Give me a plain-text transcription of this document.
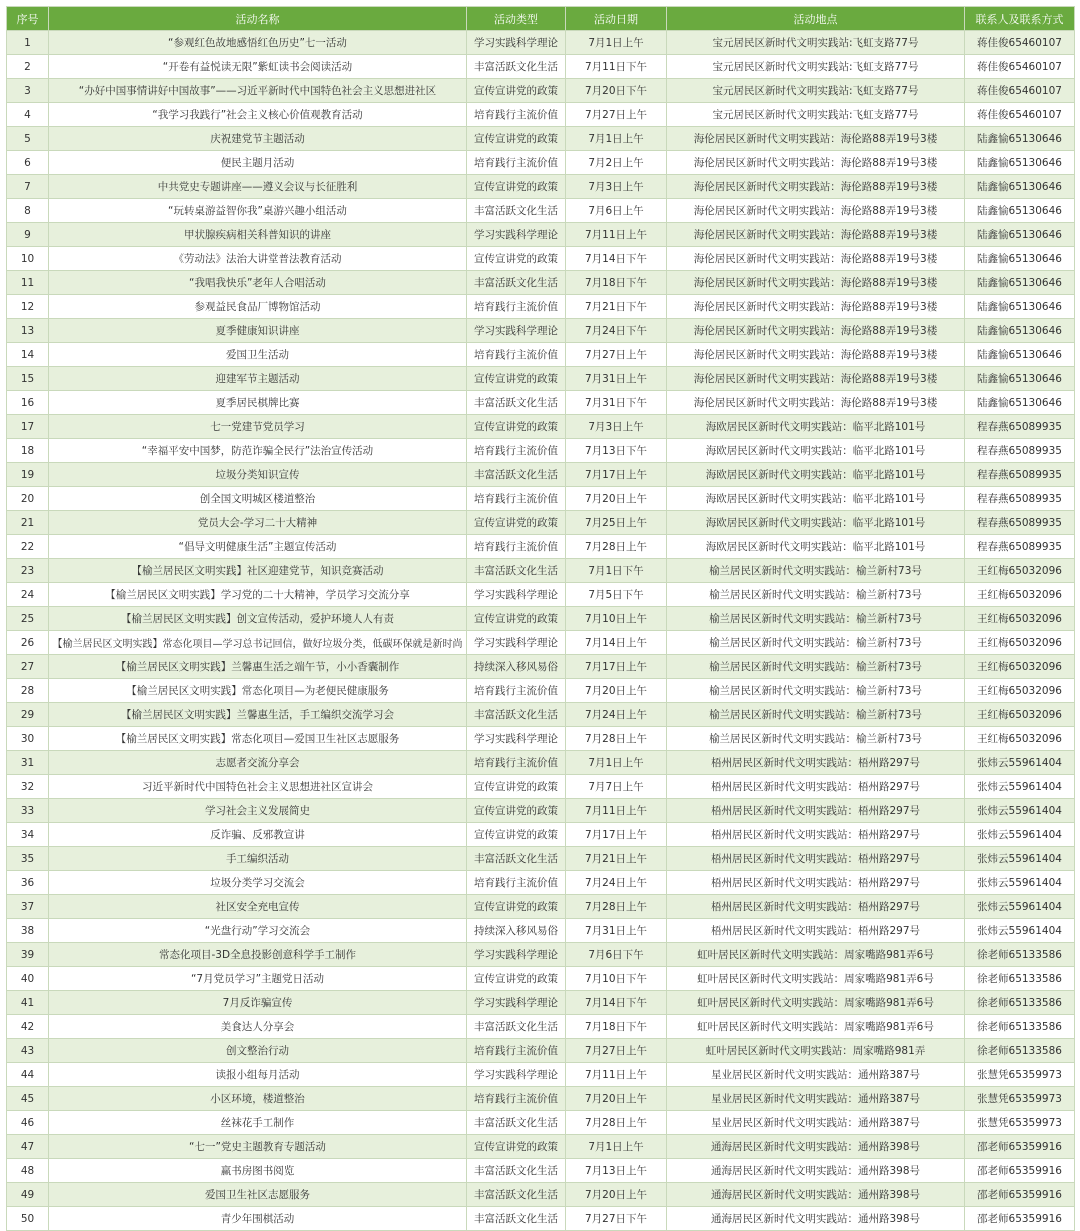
序号	活动名称	活动类型	活动日期	活动地点	联系人及联系方式
1	“参观红色故地感悟红色历史”七一活动	学习实践科学理论	7月1日上午	宝元居民区新时代文明实践站:飞虹支路77号	蒋佳俊65460107
2	“开卷有益悦读无限”紫虹读书会阅读活动	丰富活跃文化生活	7月11日下午	宝元居民区新时代文明实践站:飞虹支路77号	蒋佳俊65460107
3	“办好中国事情讲好中国故事”——习近平新时代中国特色社会主义思想进社区	宣传宣讲党的政策	7月20日下午	宝元居民区新时代文明实践站:飞虹支路77号	蒋佳俊65460107
4	“我学习我践行”社会主义核心价值观教育活动	培育践行主流价值	7月27日上午	宝元居民区新时代文明实践站:飞虹支路77号	蒋佳俊65460107
5	庆祝建党节主题活动	宣传宣讲党的政策	7月1日上午	海伦居民区新时代文明实践站：海伦路88弄19号3楼	陆鑫愉65130646
6	便民主题月活动	培育践行主流价值	7月2日上午	海伦居民区新时代文明实践站：海伦路88弄19号3楼	陆鑫愉65130646
7	中共党史专题讲座——遵义会议与长征胜利	宣传宣讲党的政策	7月3日上午	海伦居民区新时代文明实践站：海伦路88弄19号3楼	陆鑫愉65130646
8	“玩转桌游益智你我”桌游兴趣小组活动	丰富活跃文化生活	7月6日上午	海伦居民区新时代文明实践站：海伦路88弄19号3楼	陆鑫愉65130646
9	甲状腺疾病相关科普知识的讲座	学习实践科学理论	7月11日上午	海伦居民区新时代文明实践站：海伦路88弄19号3楼	陆鑫愉65130646
10	《劳动法》法治大讲堂普法教育活动	宣传宣讲党的政策	7月14日下午	海伦居民区新时代文明实践站：海伦路88弄19号3楼	陆鑫愉65130646
11	“我唱我快乐”老年人合唱活动	丰富活跃文化生活	7月18日下午	海伦居民区新时代文明实践站：海伦路88弄19号3楼	陆鑫愉65130646
12	参观益民食品厂博物馆活动	培育践行主流价值	7月21日下午	海伦居民区新时代文明实践站：海伦路88弄19号3楼	陆鑫愉65130646
13	夏季健康知识讲座	学习实践科学理论	7月24日下午	海伦居民区新时代文明实践站：海伦路88弄19号3楼	陆鑫愉65130646
14	爱国卫生活动	培育践行主流价值	7月27日上午	海伦居民区新时代文明实践站：海伦路88弄19号3楼	陆鑫愉65130646
15	迎建军节主题活动	宣传宣讲党的政策	7月31日上午	海伦居民区新时代文明实践站：海伦路88弄19号3楼	陆鑫愉65130646
16	夏季居民棋牌比赛	丰富活跃文化生活	7月31日下午	海伦居民区新时代文明实践站：海伦路88弄19号3楼	陆鑫愉65130646
17	七一党建节党员学习	宣传宣讲党的政策	7月3日上午	海欧居民区新时代文明实践站：临平北路101号	程春燕65089935
18	“幸福平安中国梦，防范诈骗全民行”法治宣传活动	培育践行主流价值	7月13日下午	海欧居民区新时代文明实践站：临平北路101号	程春燕65089935
19	垃圾分类知识宣传	丰富活跃文化生活	7月17日上午	海欧居民区新时代文明实践站：临平北路101号	程春燕65089935
20	创全国文明城区楼道整治	培育践行主流价值	7月20日上午	海欧居民区新时代文明实践站：临平北路101号	程春燕65089935
21	党员大会-学习二十大精神	宣传宣讲党的政策	7月25日上午	海欧居民区新时代文明实践站：临平北路101号	程春燕65089935
22	“倡导文明健康生活”主题宣传活动	培育践行主流价值	7月28日上午	海欧居民区新时代文明实践站：临平北路101号	程春燕65089935
23	【榆兰居民区文明实践】社区迎建党节，知识竞赛活动	丰富活跃文化生活	7月1日下午	榆兰居民区新时代文明实践站：榆兰新村73号	王红梅65032096
24	【榆兰居民区文明实践】学习党的二十大精神，学员学习交流分享	学习实践科学理论	7月5日下午	榆兰居民区新时代文明实践站：榆兰新村73号	王红梅65032096
25	【榆兰居民区文明实践】创文宣传活动，爱护环境人人有责	宣传宣讲党的政策	7月10日上午	榆兰居民区新时代文明实践站：榆兰新村73号	王红梅65032096
26	【榆兰居民区文明实践】常态化项目—学习总书记回信，做好垃圾分类，低碳环保就是新时尚	学习实践科学理论	7月14日上午	榆兰居民区新时代文明实践站：榆兰新村73号	王红梅65032096
27	【榆兰居民区文明实践】兰馨惠生活之端午节，小小香囊制作	持续深入移风易俗	7月17日上午	榆兰居民区新时代文明实践站：榆兰新村73号	王红梅65032096
28	【榆兰居民区文明实践】常态化项目—为老便民健康服务	培育践行主流价值	7月20日上午	榆兰居民区新时代文明实践站：榆兰新村73号	王红梅65032096
29	【榆兰居民区文明实践】兰馨惠生活，手工编织交流学习会	丰富活跃文化生活	7月24日上午	榆兰居民区新时代文明实践站：榆兰新村73号	王红梅65032096
30	【榆兰居民区文明实践】常态化项目—爱国卫生社区志愿服务	学习实践科学理论	7月28日上午	榆兰居民区新时代文明实践站：榆兰新村73号	王红梅65032096
31	志愿者交流分享会	培育践行主流价值	7月1日上午	梧州居民区新时代文明实践站：梧州路297号	张炜云55961404
32	习近平新时代中国特色社会主义思想进社区宣讲会	宣传宣讲党的政策	7月7日上午	梧州居民区新时代文明实践站：梧州路297号	张炜云55961404
33	学习社会主义发展简史	宣传宣讲党的政策	7月11日上午	梧州居民区新时代文明实践站：梧州路297号	张炜云55961404
34	反诈骗、反邪教宣讲	宣传宣讲党的政策	7月17日上午	梧州居民区新时代文明实践站：梧州路297号	张炜云55961404
35	手工编织活动	丰富活跃文化生活	7月21日上午	梧州居民区新时代文明实践站：梧州路297号	张炜云55961404
36	垃圾分类学习交流会	培育践行主流价值	7月24日上午	梧州居民区新时代文明实践站：梧州路297号	张炜云55961404
37	社区安全充电宣传	宣传宣讲党的政策	7月28日上午	梧州居民区新时代文明实践站：梧州路297号	张炜云55961404
38	“光盘行动”学习交流会	持续深入移风易俗	7月31日上午	梧州居民区新时代文明实践站：梧州路297号	张炜云55961404
39	常态化项目-3D全息投影创意科学手工制作	学习实践科学理论	7月6日下午	虹叶居民区新时代文明实践站：周家嘴路981弄6号	徐老师65133586
40	“7月党员学习”主题党日活动	宣传宣讲党的政策	7月10日下午	虹叶居民区新时代文明实践站：周家嘴路981弄6号	徐老师65133586
41	7月反诈骗宣传	学习实践科学理论	7月14日下午	虹叶居民区新时代文明实践站：周家嘴路981弄6号	徐老师65133586
42	美食达人分享会	丰富活跃文化生活	7月18日下午	虹叶居民区新时代文明实践站：周家嘴路981弄6号	徐老师65133586
43	创文整治行动	培育践行主流价值	7月27日上午	虹叶居民区新时代文明实践站：周家嘴路981弄	徐老师65133586
44	读报小组每月活动	学习实践科学理论	7月11日上午	星业居民区新时代文明实践站：通州路387号	张慧凭65359973
45	小区环境，楼道整治	培育践行主流价值	7月20日上午	星业居民区新时代文明实践站：通州路387号	张慧凭65359973
46	丝袜花手工制作	丰富活跃文化生活	7月28日上午	星业居民区新时代文明实践站：通州路387号	张慧凭65359973
47	“七一”党史主题教育专题活动	宣传宣讲党的政策	7月1日上午	通海居民区新时代文明实践站：通州路398号	邵老师65359916
48	赢书房图书阅览	丰富活跃文化生活	7月13日上午	通海居民区新时代文明实践站：通州路398号	邵老师65359916
49	爱国卫生社区志愿服务	丰富活跃文化生活	7月20日上午	通海居民区新时代文明实践站：通州路398号	邵老师65359916
50	青少年围棋活动	丰富活跃文化生活	7月27日下午	通海居民区新时代文明实践站：通州路398号	邵老师65359916
